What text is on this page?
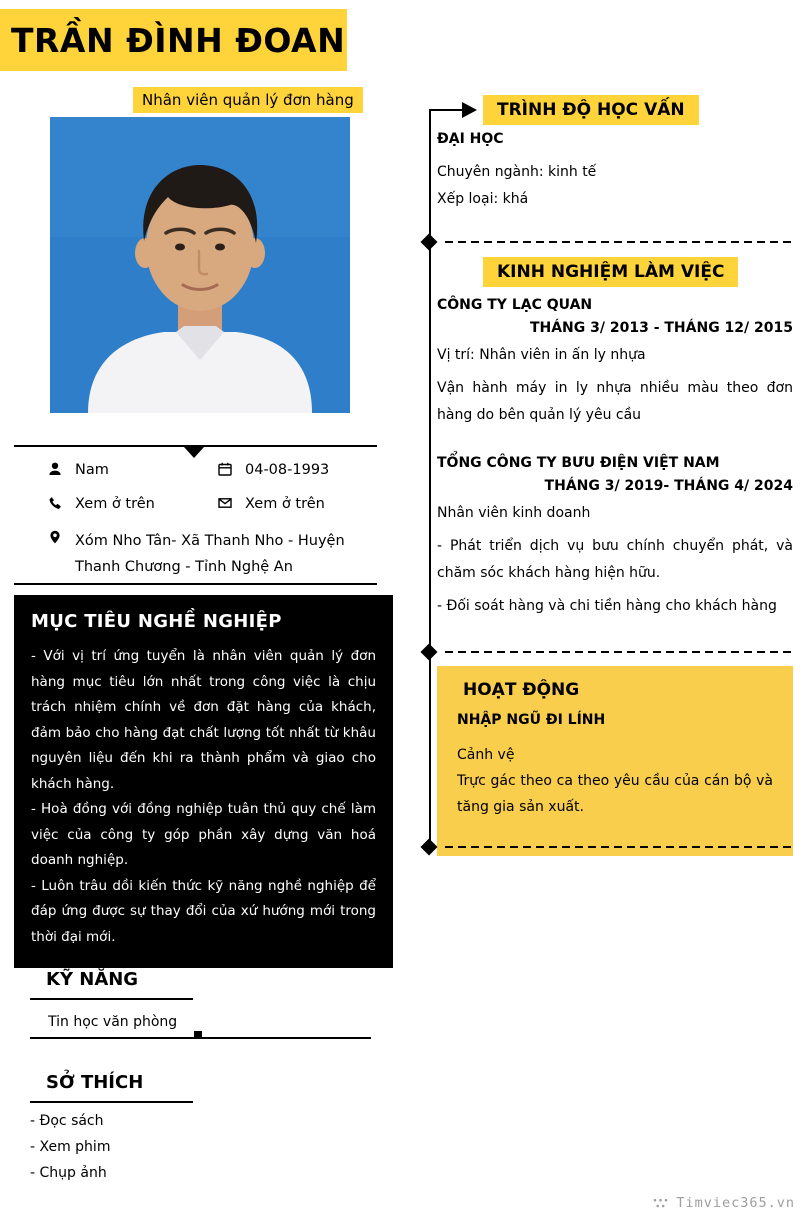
TRẦN ĐÌNH ĐOAN
Nhân viên quản lý đơn hàng
Nam	04-08-1993
Xem ở trên	Xem ở trên
Xóm Nho Tân- Xã Thanh Nho - Huyện Thanh Chương - Tỉnh Nghệ An
MỤC TIÊU NGHỀ NGHIỆP

- Với vị trí ứng tuyển là nhân viên quản lý đơn hàng mục tiêu lớn nhất trong công việc là chịu trách nhiệm chính về đơn đặt hàng của khách, đảm bảo cho hàng đạt chất lượng tốt nhất từ khâu nguyên liệu đến khi ra thành phẩm và giao cho khách hàng.

- Hoà đồng với đồng nghiệp tuân thủ quy chế làm việc của công ty góp phần xây dựng văn hoá doanh nghiệp.

- Luôn trâu dồi kiến thức kỹ năng nghề nghiệp để đáp ứng được sự thay đổi của xứ hướng mới trong thời đại mới.

KỸ NĂNG
Tin học văn phòng
SỞ THÍCH
- Đọc sách
- Xem phim
- Chụp ảnh
TRÌNH ĐỘ HỌC VẤN
ĐẠI HỌC
Chuyên ngành: kinh tế
Xếp loại: khá
KINH NGHIỆM LÀM VIỆC
CÔNG TY LẠC QUAN
THÁNG 3/ 2013 - THÁNG 12/ 2015
Vị trí: Nhân viên in ấn ly nhựa
Vận hành máy in ly nhựa nhiều màu theo đơn hàng do bên quản lý yêu cầu
TỔNG CÔNG TY BƯU ĐIỆN VIỆT NAM
THÁNG 3/ 2019- THÁNG 4/ 2024
Nhân viên kinh doanh
- Phát triển dịch vụ bưu chính chuyển phát, và chăm sóc khách hàng hiện hữu.
- Đối soát hàng và chi tiền hàng cho khách hàng
HOẠT ĐỘNG
NHẬP NGŨ ĐI LÍNH
Cảnh vệ
Trực gác theo ca theo yêu cầu của cán bộ và tăng gia sản xuất.
Timviec365.vn
